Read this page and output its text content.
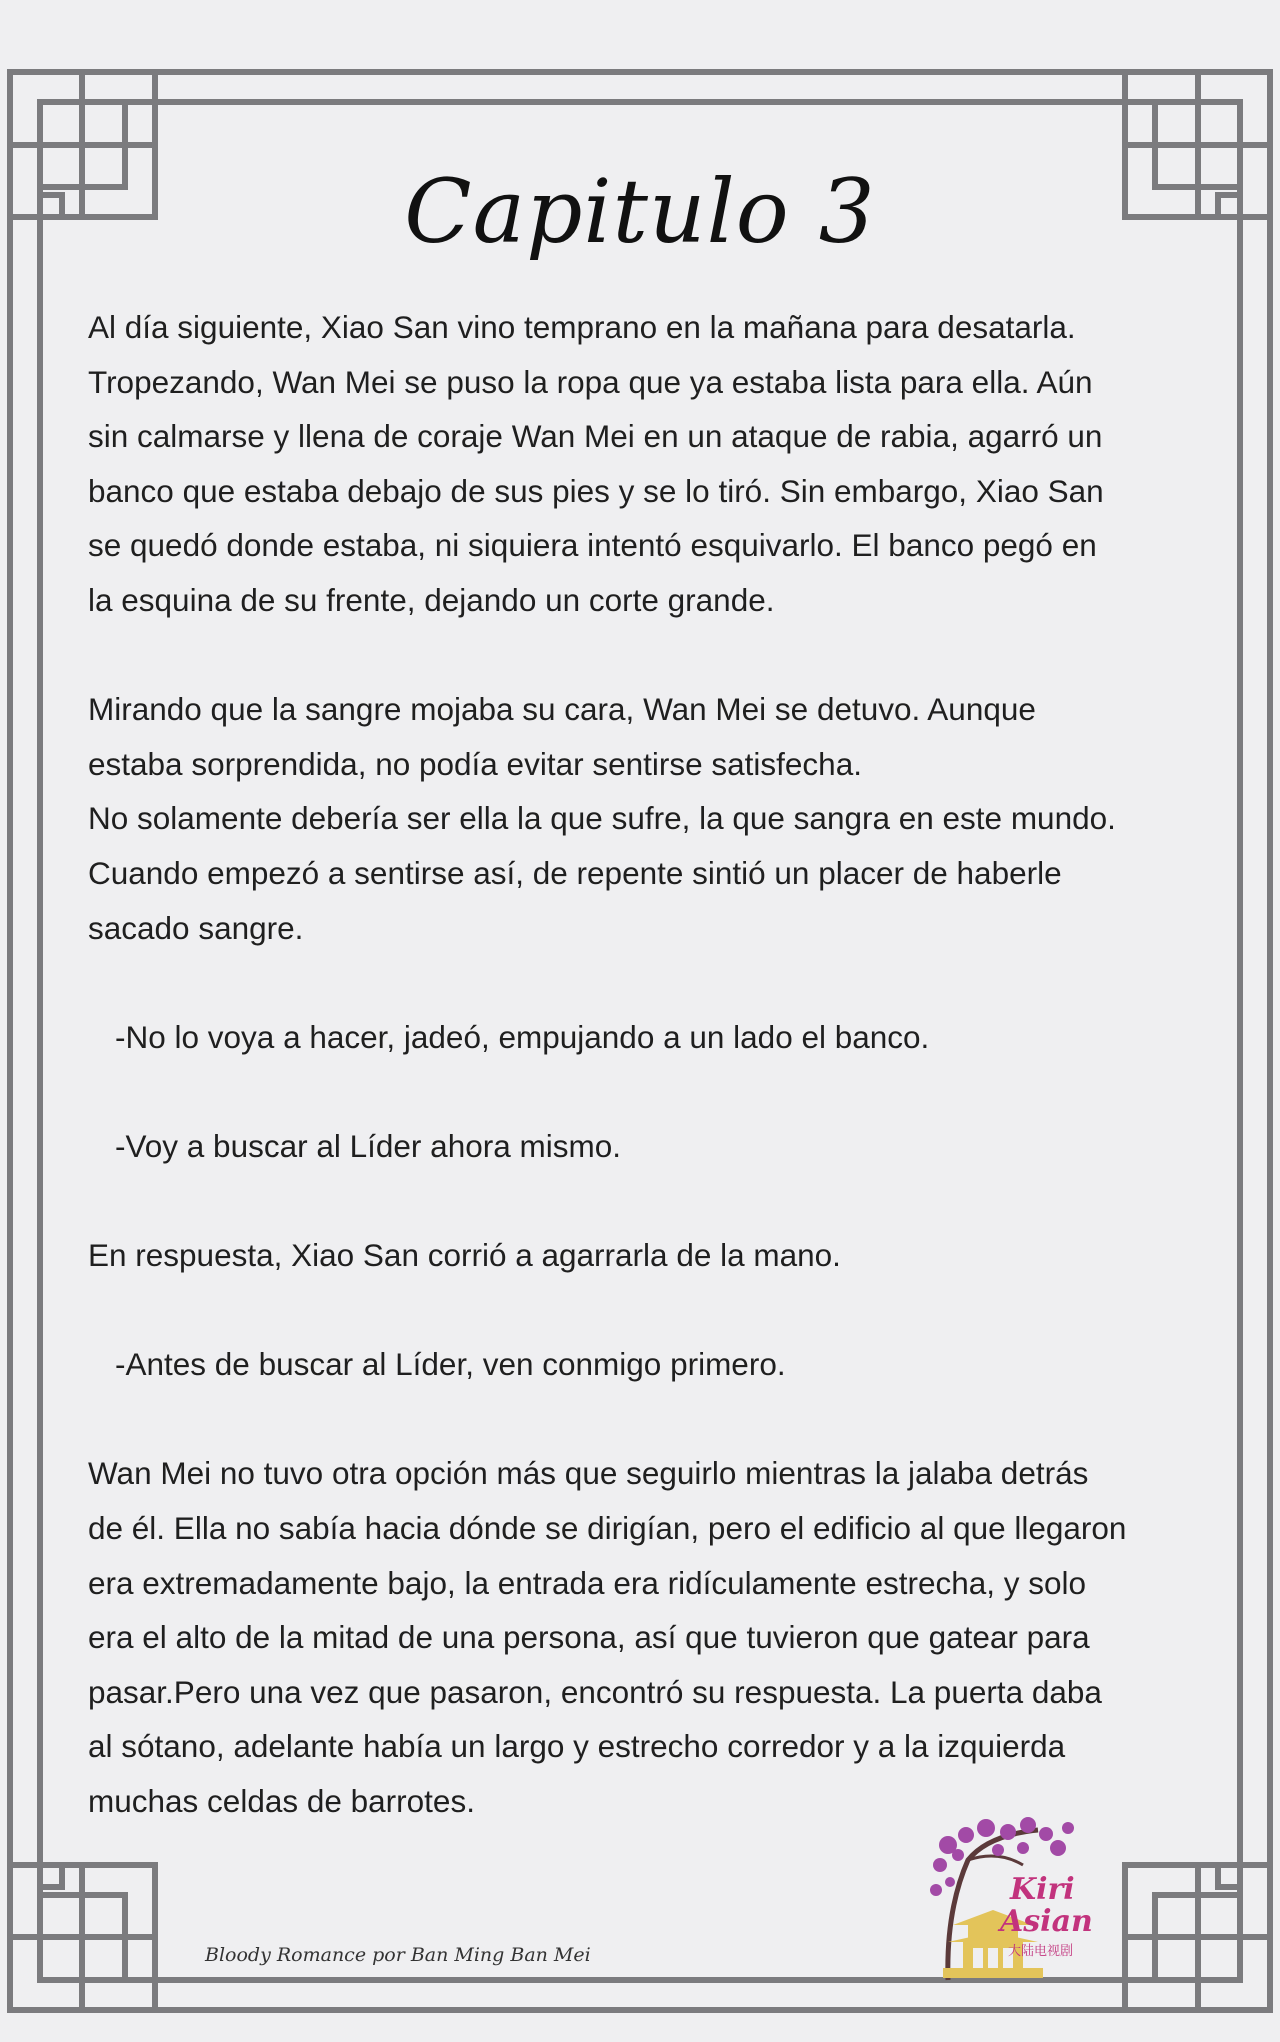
Capitulo 3

Al día siguiente, Xiao San vino temprano en la mañana para desatarla.

Tropezando, Wan Mei se puso la ropa que ya estaba lista para ella. Aún

sin calmarse y llena de coraje Wan Mei en un ataque de rabia, agarró un

banco que estaba debajo de sus pies y se lo tiró. Sin embargo, Xiao San

se quedó donde estaba, ni siquiera intentó esquivarlo. El banco pegó en

la esquina de su frente, dejando un corte grande.

Mirando que la sangre mojaba su cara, Wan Mei se detuvo. Aunque

estaba sorprendida, no podía evitar sentirse satisfecha.

No solamente debería ser ella la que sufre, la que sangra en este mundo.

Cuando empezó a sentirse así, de repente sintió un placer de haberle

sacado sangre.

-No lo voya a hacer, jadeó, empujando a un lado el banco.

-Voy a buscar al Líder ahora mismo.

En respuesta, Xiao San corrió a agarrarla de la mano.

-Antes de buscar al Líder, ven conmigo primero.

Wan Mei no tuvo otra opción más que seguirlo mientras la jalaba detrás

de él. Ella no sabía hacia dónde se dirigían, pero el edificio al que llegaron

era extremadamente bajo, la entrada era ridículamente estrecha, y solo

era el alto de la mitad de una persona, así que tuvieron que gatear para

pasar.Pero una vez que pasaron, encontró su respuesta. La puerta daba

al sótano, adelante había un largo y estrecho corredor y a la izquierda

muchas celdas de barrotes.

Bloody Romance por Ban Ming Ban Mei
Kiri
Asian
大陆电视剧
